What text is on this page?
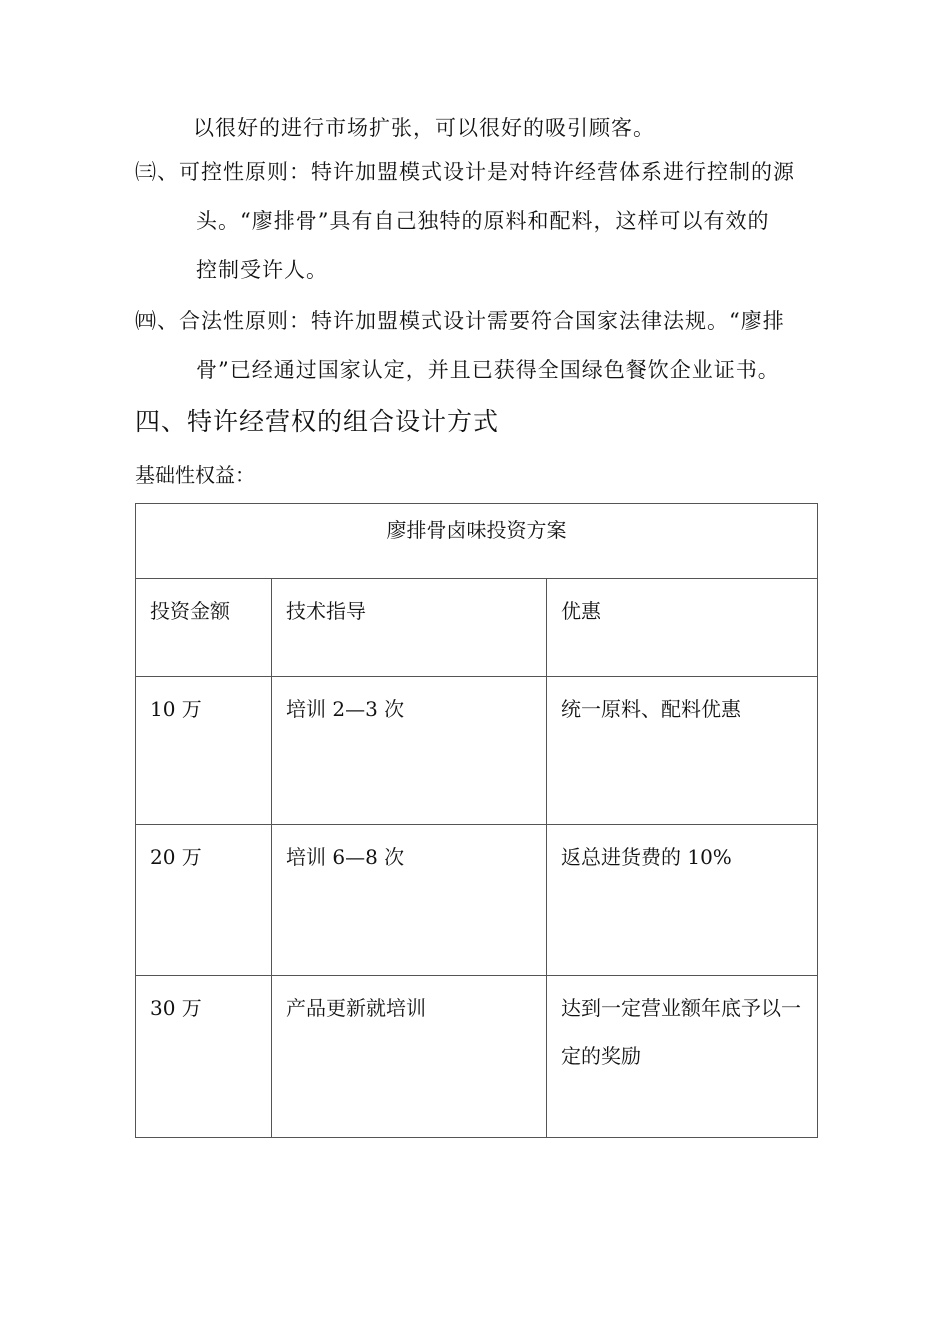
以很好的进行市场扩张，可以很好的吸引顾客。
㈢、可控性原则：特许加盟模式设计是对特许经营体系进行控制的源
头。“廖排骨”具有自己独特的原料和配料，这样可以有效的
控制受许人。
㈣、合法性原则：特许加盟模式设计需要符合国家法律法规。“廖排
骨”已经通过国家认定，并且已获得全国绿色餐饮企业证书。
四、特许经营权的组合设计方式
基础性权益：
廖排骨卤味投资方案		
投资金额	技术指导	优惠
10 万	培训 2—3 次	统一原料、配料优惠
20 万	培训 6—8 次	返总进货费的 10%
30 万	产品更新就培训	达到一定营业额年底予以一定的奖励
